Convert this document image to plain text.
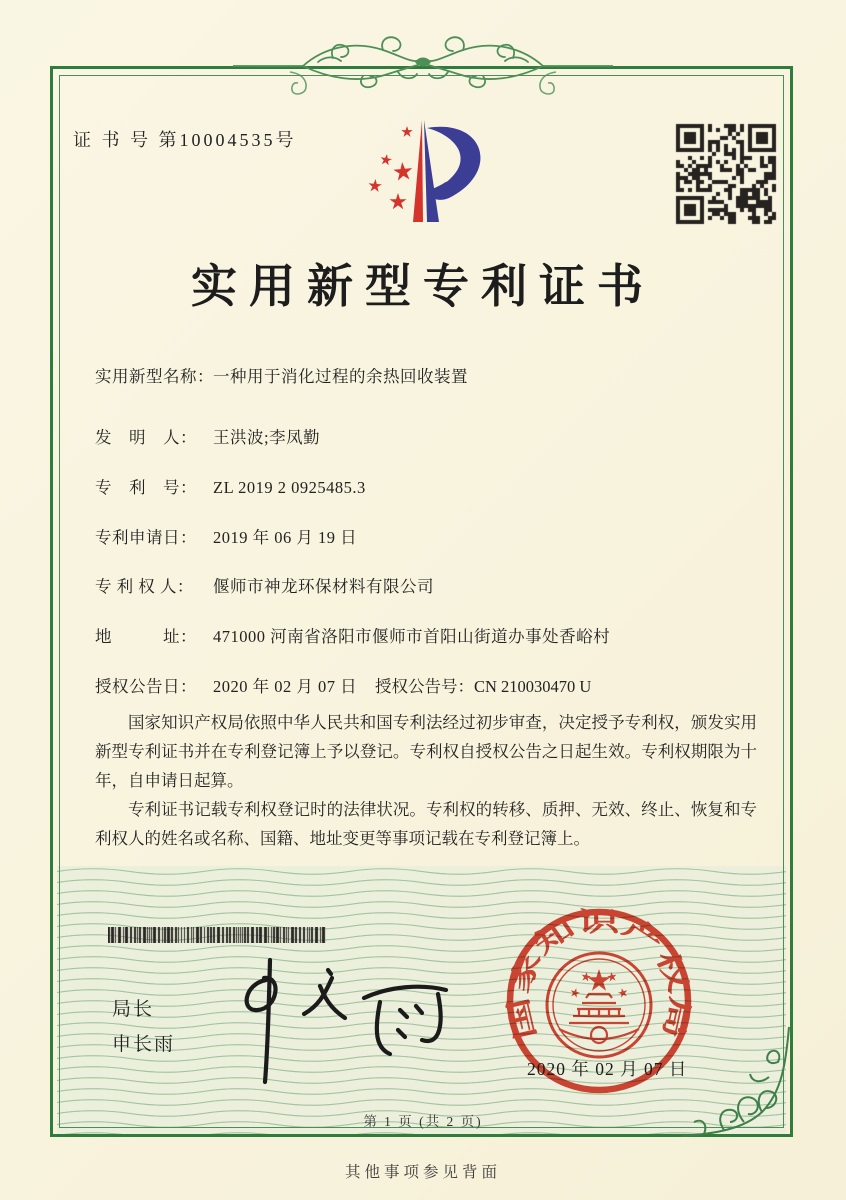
证 书 号 第10004535号
实用新型专利证书
实用新型名称：一种用于消化过程的余热回收装置
发　明　人： 王洪波;李凤勤
专　利　号： ZL 2019 2 0925485.3
专利申请日： 2019 年 06 月 19 日
专 利 权 人： 偃师市神龙环保材料有限公司
地　　　址： 471000 河南省洛阳市偃师市首阳山街道办事处香峪村
授权公告日： 2020 年 02 月 07 日 授权公告号：CN 210030470 U

国家知识产权局依照中华人民共和国专利法经过初步审查，决定授予专利权，颁发实用新型专利证书并在专利登记簿上予以登记。专利权自授权公告之日起生效。专利权期限为十年，自申请日起算。

专利证书记载专利权登记时的法律状况。专利权的转移、质押、无效、终止、恢复和专利权人的姓名或名称、国籍、地址变更等事项记载在专利登记簿上。

局长
申长雨
国家知识产权局
2020 年 02 月 07 日
第 1 页 (共 2 页)
其他事项参见背面
